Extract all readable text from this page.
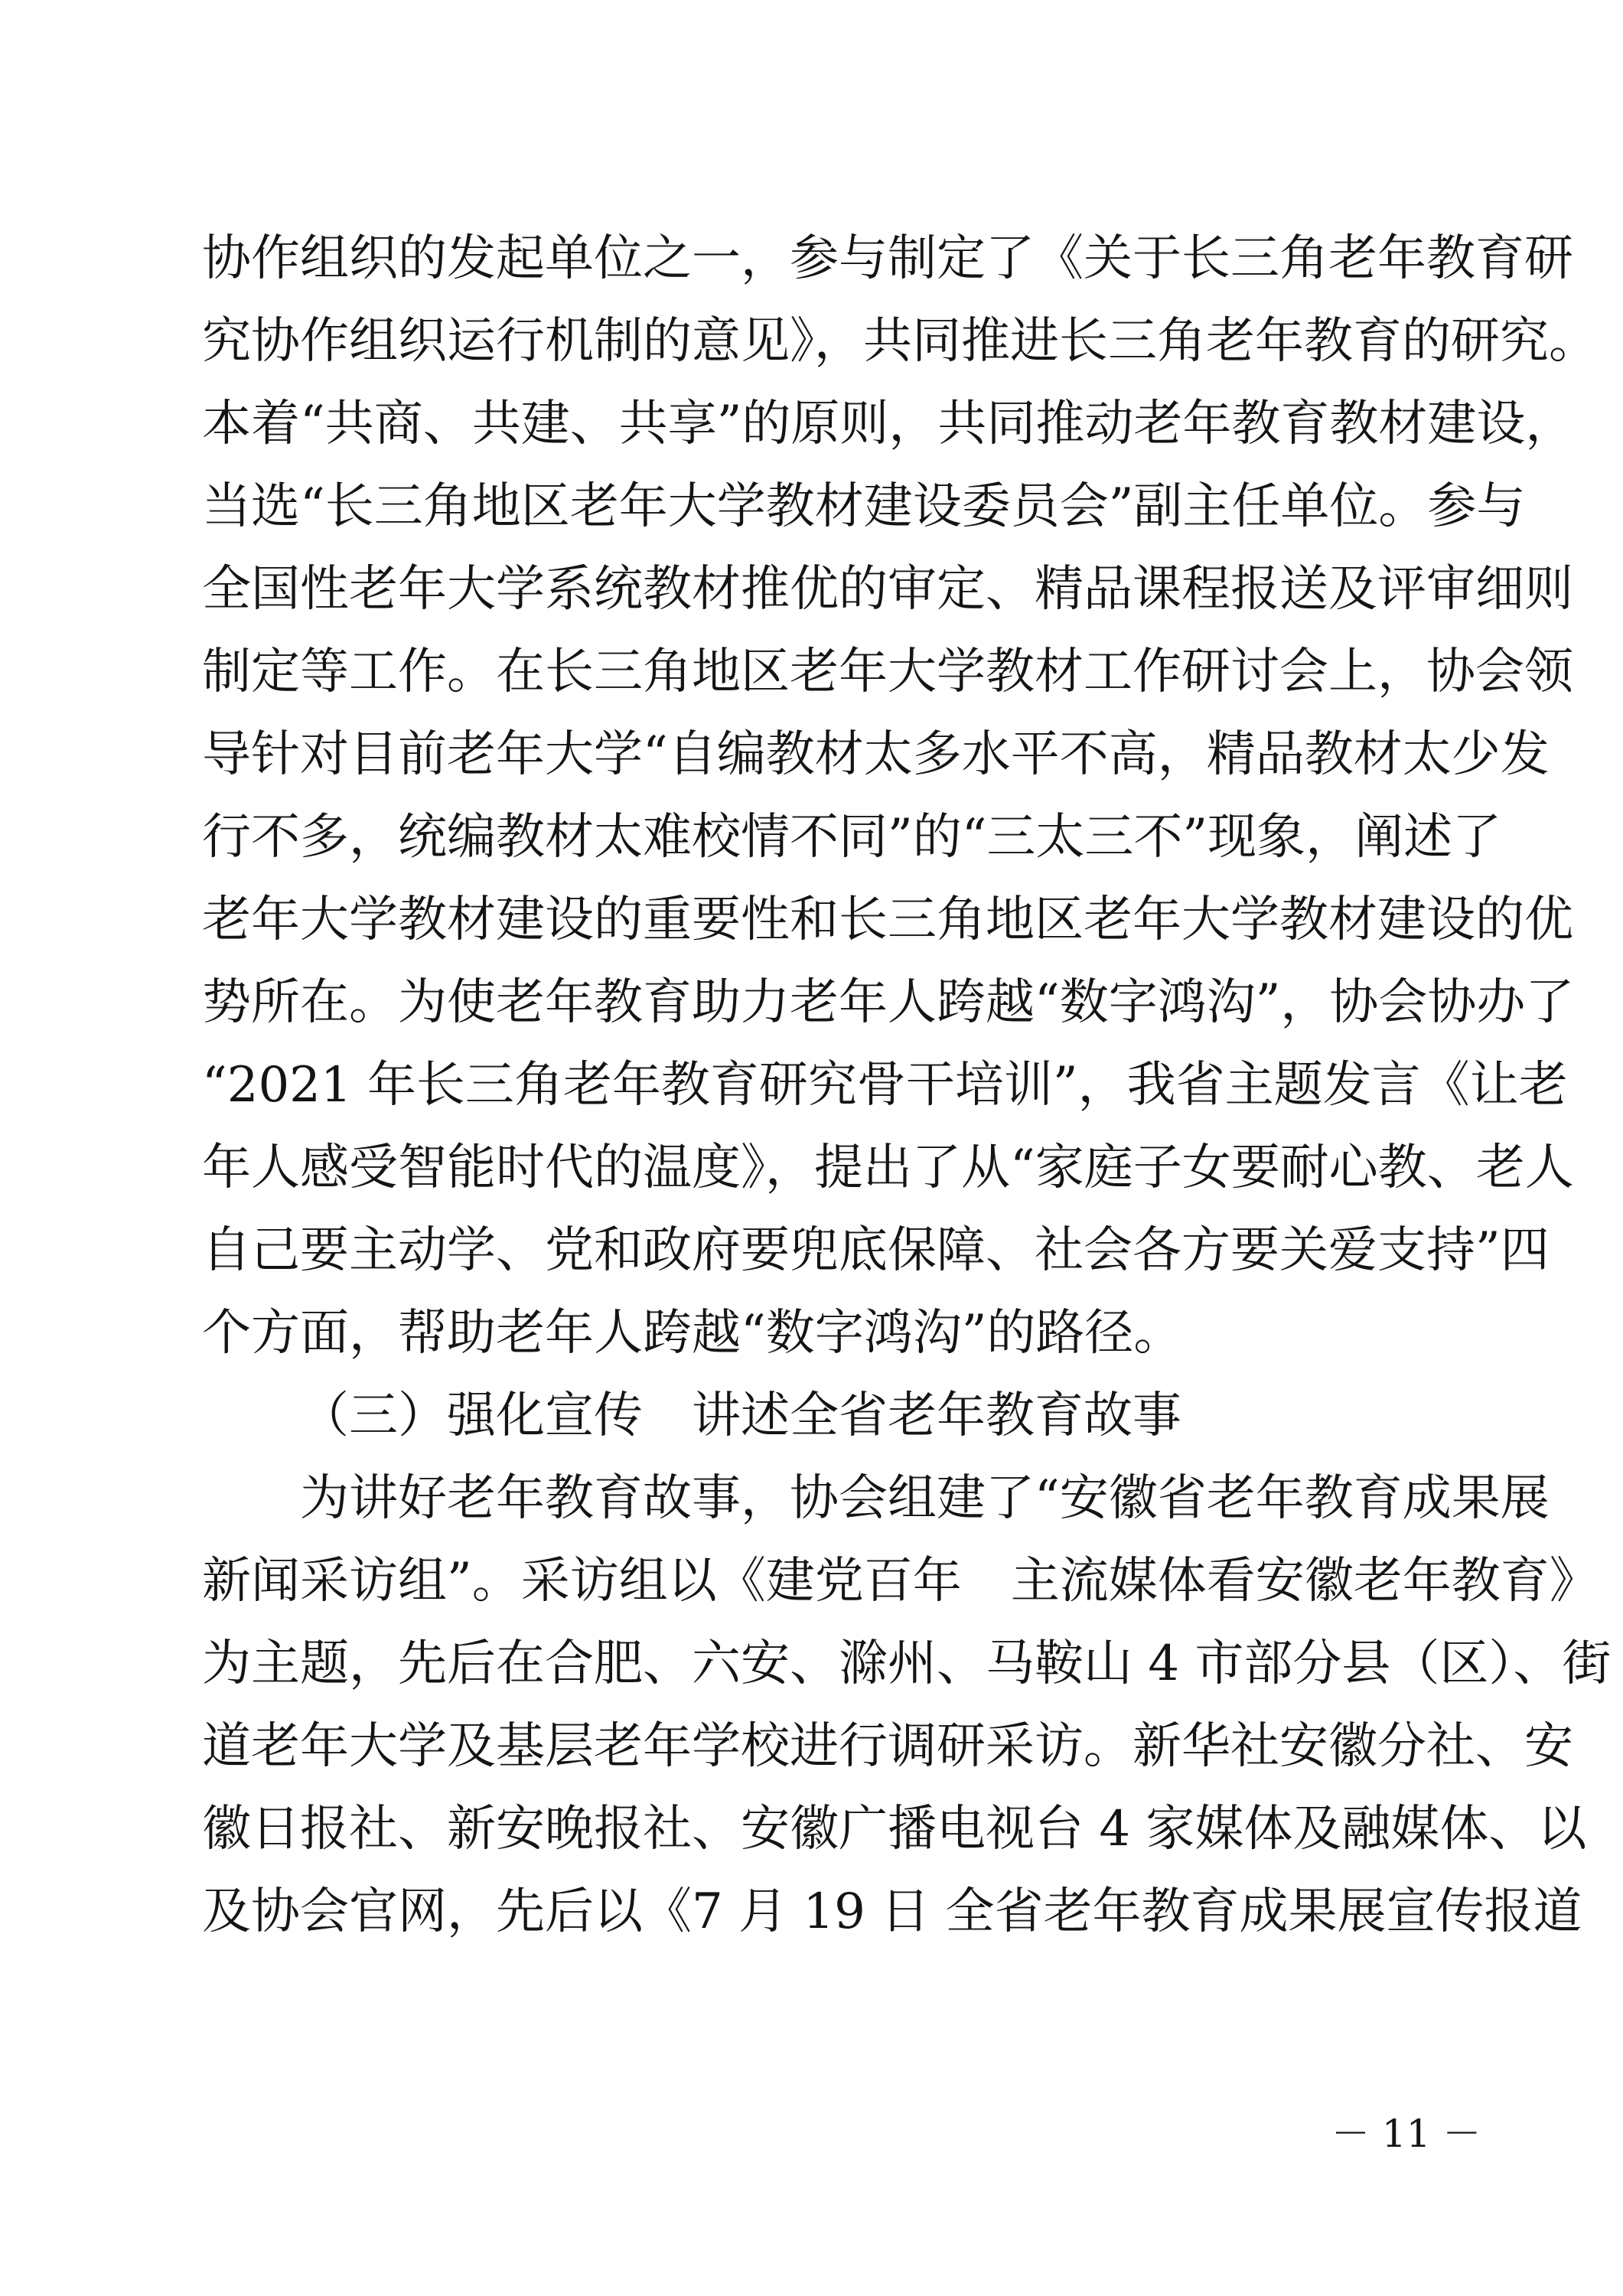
协作组织的发起单位之一，参与制定了《关于长三角老年教育研

究协作组织运行机制的意见》，共同推进长三角老年教育的研究。

本着“共商、共建、共享”的原则，共同推动老年教育教材建设，

当选“长三角地区老年大学教材建设委员会”副主任单位。参与

全国性老年大学系统教材推优的审定、精品课程报送及评审细则

制定等工作。在长三角地区老年大学教材工作研讨会上，协会领

导针对目前老年大学“自编教材太多水平不高，精品教材太少发

行不多，统编教材太难校情不同”的“三太三不”现象，阐述了

老年大学教材建设的重要性和长三角地区老年大学教材建设的优

势所在。为使老年教育助力老年人跨越“数字鸿沟”，协会协办了

“2021 年长三角老年教育研究骨干培训”，我省主题发言《让老

年人感受智能时代的温度》，提出了从“家庭子女要耐心教、老人

自己要主动学、党和政府要兜底保障、社会各方要关爱支持”四

个方面，帮助老年人跨越“数字鸿沟”的路径。

（三）强化宣传　讲述全省老年教育故事

为讲好老年教育故事，协会组建了“安徽省老年教育成果展

新闻采访组”。采访组以《建党百年　主流媒体看安徽老年教育》

为主题，先后在合肥、六安、滁州、马鞍山 4 市部分县（区）、街

道老年大学及基层老年学校进行调研采访。新华社安徽分社、安

徽日报社、新安晚报社、安徽广播电视台 4 家媒体及融媒体、以

及协会官网，先后以《7 月 19 日 全省老年教育成果展宣传报道

－ 11 －
